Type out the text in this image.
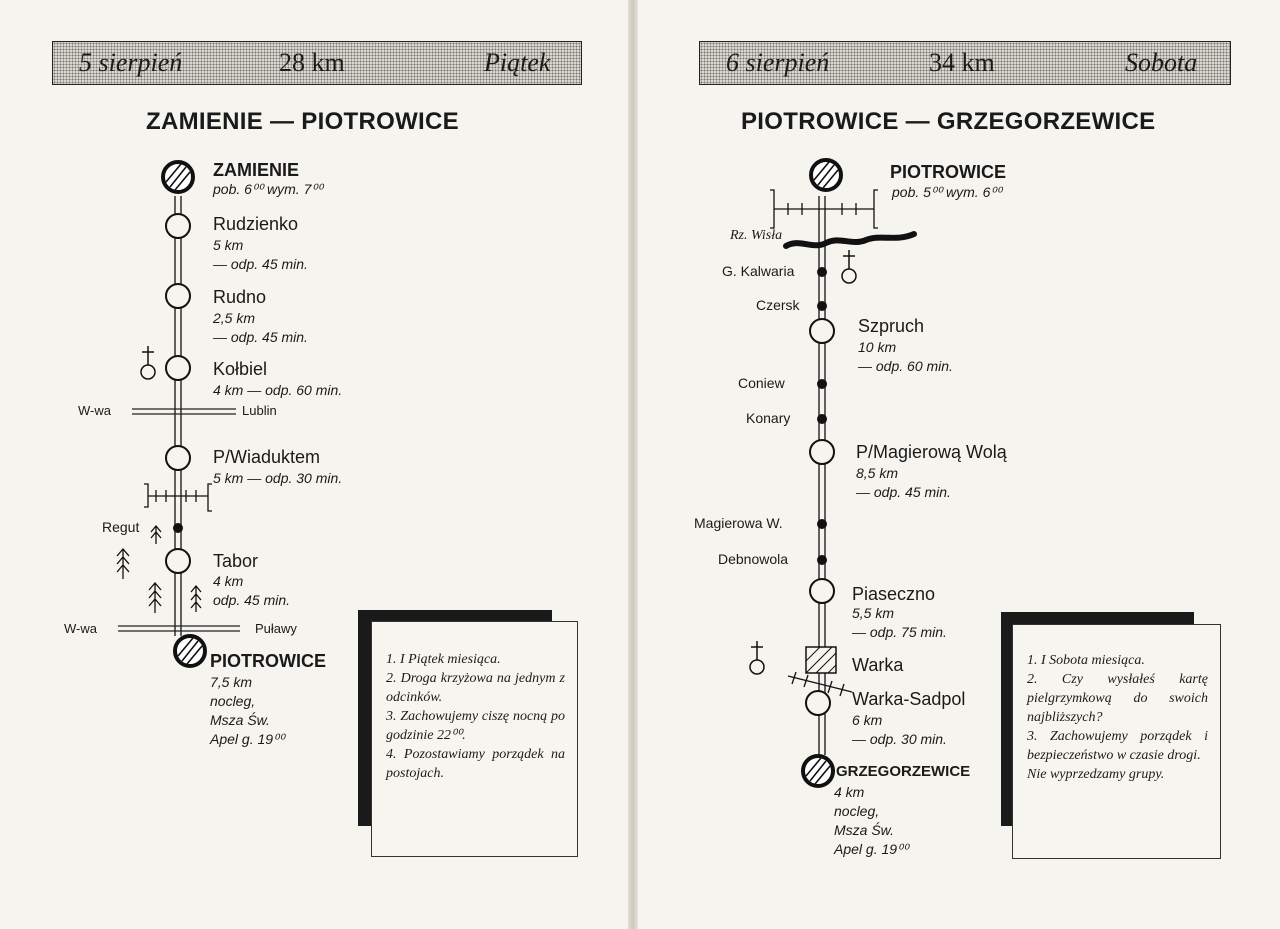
5 sierpień	28 km	Piątek
ZAMIENIE — PIOTROWICE
ZAMIENIE
pob. 6⁰⁰ wym. 7⁰⁰
Rudzienko
5 km
— odp. 45 min.
Rudno
2,5 km
— odp. 45 min.
Kołbiel
4 km — odp. 60 min.
P/Wiaduktem
5 km — odp. 30 min.
Tabor
4 km
odp. 45 min.
PIOTROWICE
7,5 km
nocleg,
Msza Św.
Apel g. 19⁰⁰
W-wa	Lublin
Regut
W-wa	Puławy
1. I Piątek miesiąca.
2. Droga krzyżowa na jednym z odcinków.
3. Zachowujemy ciszę nocną po godzinie 22⁰⁰.
4. Pozostawiamy porządek na postojach.
6 sierpień	34 km	Sobota
PIOTROWICE — GRZEGORZEWICE
Rz. Wisła
G. Kalwaria
Czersk
Coniew
Konary
Magierowa W.
Debnowola
PIOTROWICE
pob. 5⁰⁰ wym. 6⁰⁰
Szpruch
10 km
— odp. 60 min.
P/Magierową Wolą
8,5 km
— odp. 45 min.
Piaseczno
5,5 km
— odp. 75 min.
Warka
Warka-Sadpol
6 km
— odp. 30 min.
GRZEGORZEWICE
4 km
nocleg,
Msza Św.
Apel g. 19⁰⁰
1. I Sobota miesiąca.
2. Czy wysłałeś kartę pielgrzymkową do swoich najbliższych?
3. Zachowujemy porządek i bezpieczeństwo w czasie drogi.
Nie wyprzedzamy grupy.
